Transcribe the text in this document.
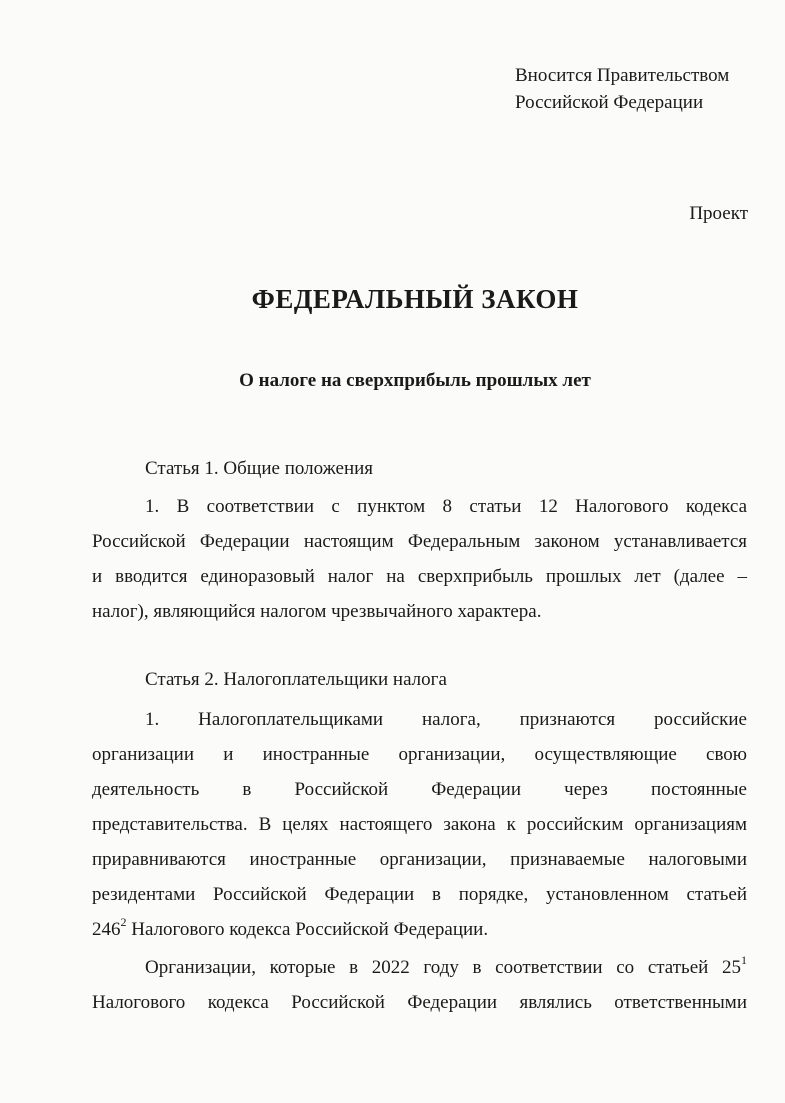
Вносится Правительством
Российской Федерации
Проект
ФЕДЕРАЛЬНЫЙ ЗАКОН
О налоге на сверхприбыль прошлых лет
Статья 1. Общие положения
1. В соответствии с пунктом 8 статьи 12 Налогового кодекса
Российской Федерации настоящим Федеральным законом устанавливается
и вводится единоразовый налог на сверхприбыль прошлых лет (далее –
налог), являющийся налогом чрезвычайного характера.
Статья 2. Налогоплательщики налога
1. Налогоплательщиками налога, признаются российские
организации и иностранные организации, осуществляющие свою
деятельность в Российской Федерации через постоянные
представительства. В целях настоящего закона к российским организациям
приравниваются иностранные организации, признаваемые налоговыми
резидентами Российской Федерации в порядке, установленном статьей
$246^2$ Налогового кодекса Российской Федерации.
Организации, которые в 2022 году в соответствии со статьей $25^1$
Налогового кодекса Российской Федерации являлись ответственными
